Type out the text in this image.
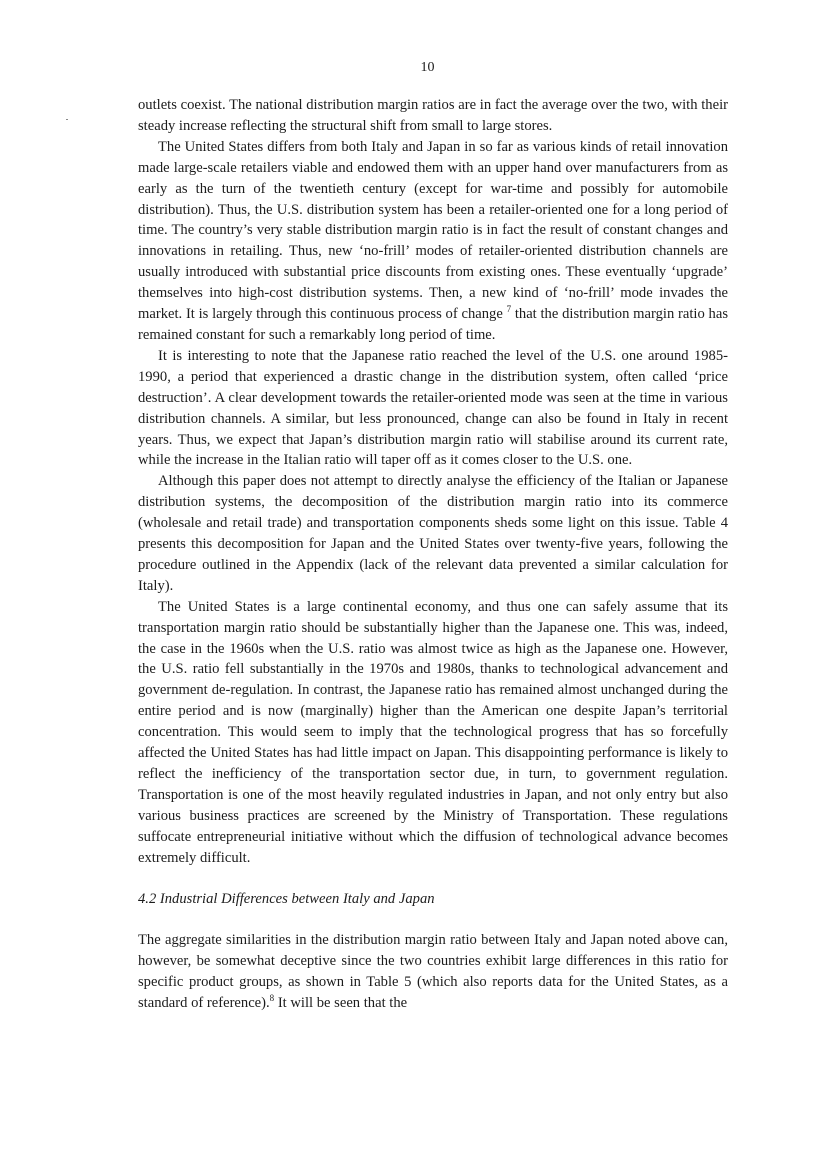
10

outlets coexist. The national distribution margin ratios are in fact the average over the two, with their steady increase reflecting the structural shift from small to large stores.

The United States differs from both Italy and Japan in so far as various kinds of retail innovation made large-scale retailers viable and endowed them with an upper hand over manufacturers from as early as the turn of the twentieth century (except for war-time and possibly for automobile distribution). Thus, the U.S. distribution system has been a retailer-oriented one for a long period of time. The country’s very stable distribution margin ratio is in fact the result of constant changes and innovations in retailing. Thus, new ‘no-frill’ modes of retailer-oriented distribution channels are usually introduced with substantial price discounts from existing ones. These eventually ‘upgrade’ themselves into high-cost distribution systems. Then, a new kind of ‘no-frill’ mode invades the market. It is largely through this continuous process of change $^7$ that the distribution margin ratio has remained constant for such a remarkably long period of time.

It is interesting to note that the Japanese ratio reached the level of the U.S. one around 1985-1990, a period that experienced a drastic change in the distribution system, often called ‘price destruction’. A clear development towards the retailer-oriented mode was seen at the time in various distribution channels. A similar, but less pronounced, change can also be found in Italy in recent years. Thus, we expect that Japan’s distribution margin ratio will stabilise around its current rate, while the increase in the Italian ratio will taper off as it comes closer to the U.S. one.

Although this paper does not attempt to directly analyse the efficiency of the Italian or Japanese distribution systems, the decomposition of the distribution margin ratio into its commerce (wholesale and retail trade) and transportation components sheds some light on this issue. Table 4 presents this decomposition for Japan and the United States over twenty-five years, following the procedure outlined in the Appendix (lack of the relevant data prevented a similar calculation for Italy).

The United States is a large continental economy, and thus one can safely assume that its transportation margin ratio should be substantially higher than the Japanese one. This was, indeed, the case in the 1960s when the U.S. ratio was almost twice as high as the Japanese one. However, the U.S. ratio fell substantially in the 1970s and 1980s, thanks to technological advancement and government de-regulation. In contrast, the Japanese ratio has remained almost unchanged during the entire period and is now (marginally) higher than the American one despite Japan’s territorial concentration. This would seem to imply that the technological progress that has so forcefully affected the United States has had little impact on Japan. This disappointing performance is likely to reflect the inefficiency of the transportation sector due, in turn, to government regulation. Transportation is one of the most heavily regulated industries in Japan, and not only entry but also various business practices are screened by the Ministry of Transportation. These regulations suffocate entrepreneurial initiative without which the diffusion of technological advance becomes extremely difficult.

4.2 Industrial Differences between Italy and Japan

The aggregate similarities in the distribution margin ratio between Italy and Japan noted above can, however, be somewhat deceptive since the two countries exhibit large differences in this ratio for specific product groups, as shown in Table 5 (which also reports data for the United States, as a standard of reference).$^8$ It will be seen that the
